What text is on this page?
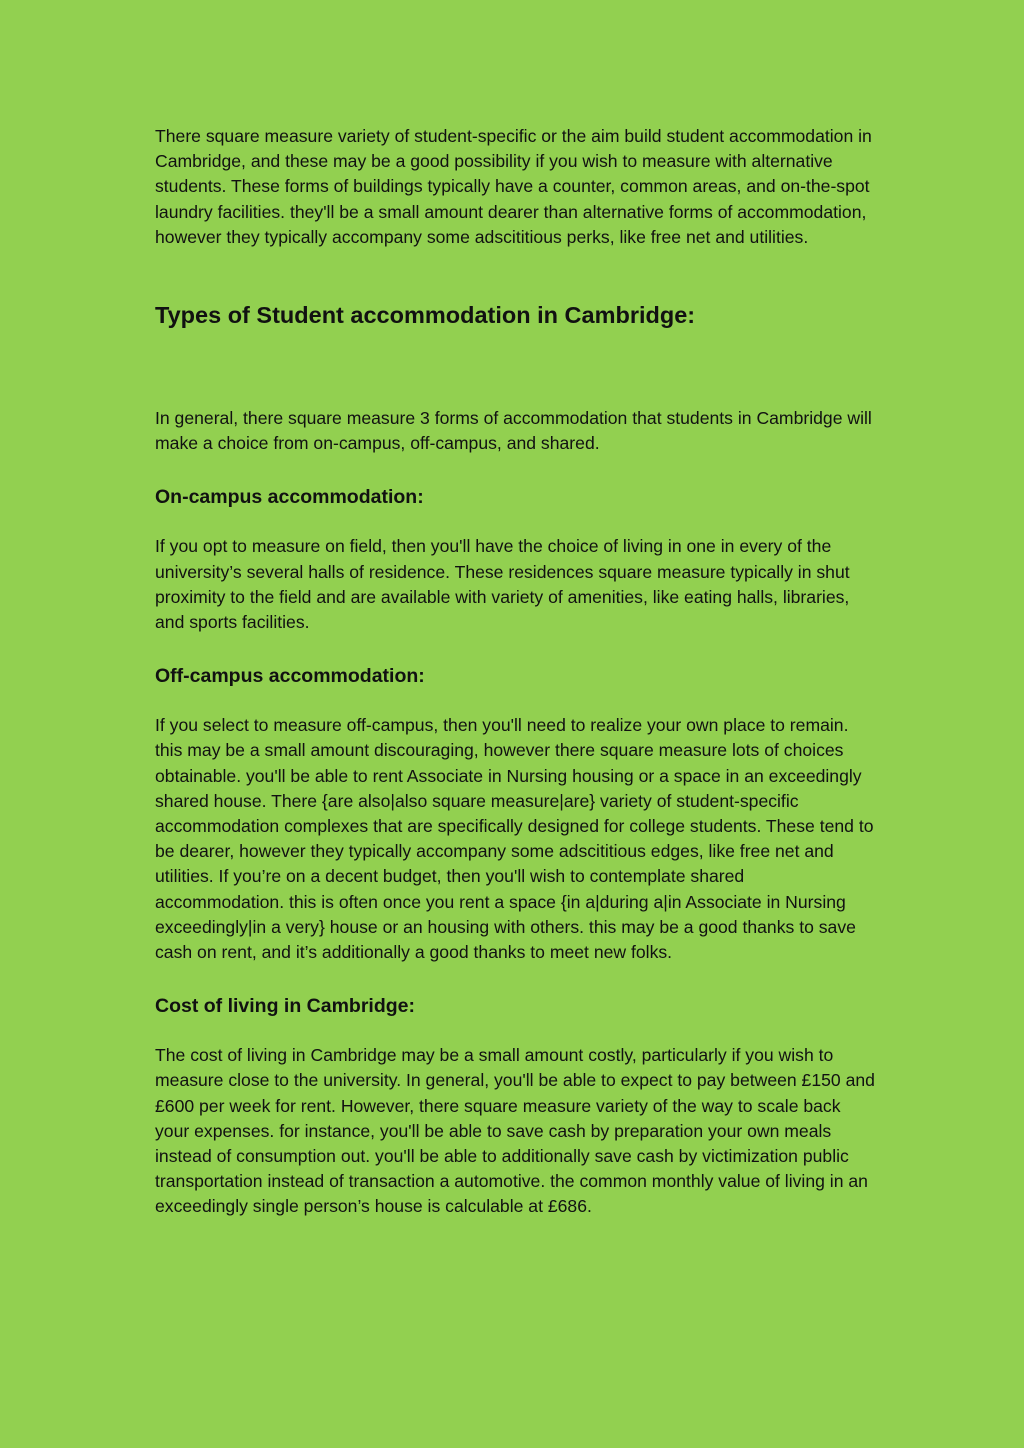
There square measure variety of student-specific or the aim build student accommodation in Cambridge, and these may be a good possibility if you wish to measure with alternative students. These forms of buildings typically have a counter, common areas, and on-the-spot laundry facilities. they'll be a small amount dearer than alternative forms of accommodation, however they typically accompany some adscititious perks, like free net and utilities.

Types of Student accommodation in Cambridge:

In general, there square measure 3 forms of accommodation that students in Cambridge will make a choice from on-campus, off-campus, and shared.

On-campus accommodation:

If you opt to measure on field, then you'll have the choice of living in one in every of the university’s several halls of residence. These residences square measure typically in shut proximity to the field and are available with variety of amenities, like eating halls, libraries, and sports facilities.

Off-campus accommodation:

If you select to measure off-campus, then you'll need to realize your own place to remain. this may be a small amount discouraging, however there square measure lots of choices obtainable. you'll be able to rent Associate in Nursing housing or a space in an exceedingly shared house. There {are also|also square measure|are} variety of student-specific accommodation complexes that are specifically designed for college students. These tend to be dearer, however they typically accompany some adscititious edges, like free net and utilities. If you’re on a decent budget, then you'll wish to contemplate shared accommodation. this is often once you rent a space {in a|during a|in Associate in Nursing exceedingly|in a very} house or an housing with others. this may be a good thanks to save cash on rent, and it’s additionally a good thanks to meet new folks.

Cost of living in Cambridge:

The cost of living in Cambridge may be a small amount costly, particularly if you wish to measure close to the university. In general, you'll be able to expect to pay between £150 and £600 per week for rent. However, there square measure variety of the way to scale back your expenses. for instance, you'll be able to save cash by preparation your own meals instead of consumption out. you'll be able to additionally save cash by victimization public transportation instead of transaction a automotive. the common monthly value of living in an exceedingly single person’s house is calculable at £686.
